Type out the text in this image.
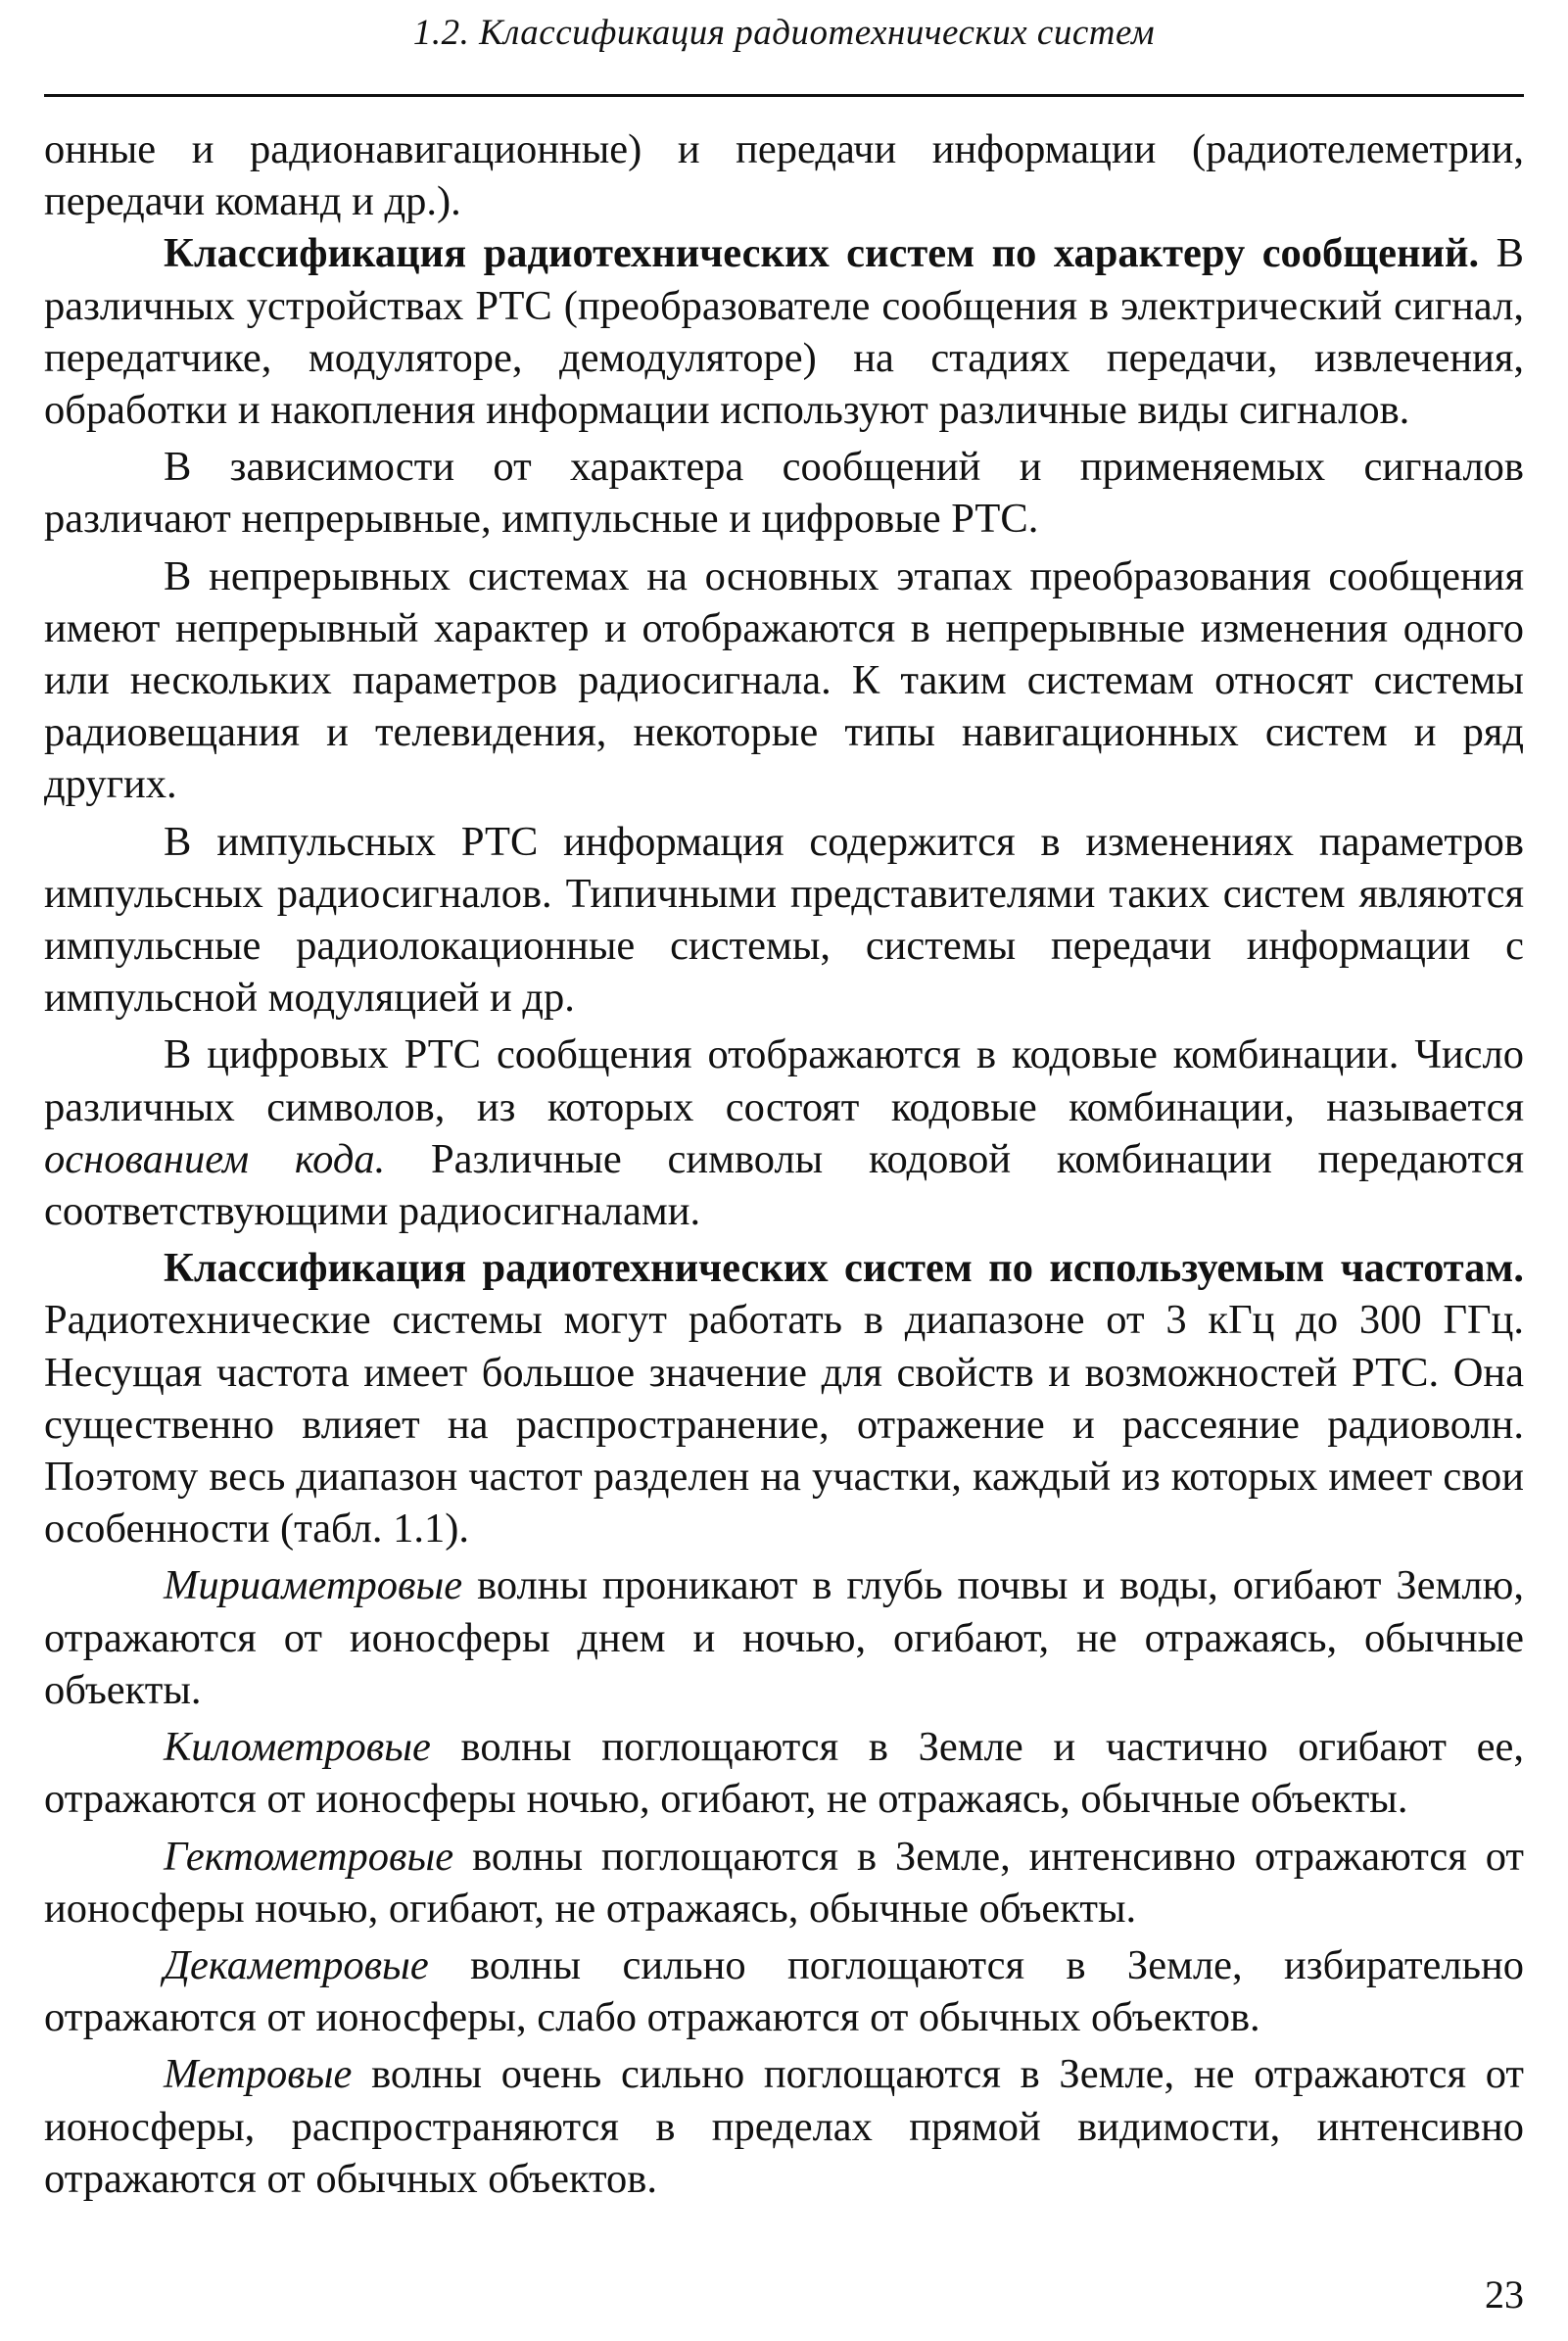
1.2. Классификация радиотехнических систем

онные и радионавигационные) и передачи информации (радиотелеметрии, передачи команд и др.).

Классификация радиотехнических систем по характеру сообщений. В различных устройствах РТС (преобразователе сообщения в электрический сигнал, передатчике, модуляторе, демодуляторе) на стадиях передачи, извлечения, обработки и накопления информации используют различные виды сигналов.

В зависимости от характера сообщений и применяемых сигналов различают непрерывные, импульсные и цифровые РТС.

В непрерывных системах на основных этапах преобразования сообщения имеют непрерывный характер и отображаются в непрерывные изменения одного или нескольких параметров радиосигнала. К таким системам относят системы радиовещания и телевидения, некоторые типы навигационных систем и ряд других.

В импульсных РТС информация содержится в изменениях параметров импульсных радиосигналов. Типичными представителями таких систем являются импульсные радиолокационные системы, системы передачи информации с импульсной модуляцией и др.

В цифровых РТС сообщения отображаются в кодовые комбинации. Число различных символов, из которых состоят кодовые комбинации, называется основанием кода. Различные символы кодовой комбинации передаются соответствующими радиосигналами.

Классификация радиотехнических систем по используемым частотам. Радиотехнические системы могут работать в диапазоне от 3 кГц до 300 ГГц. Несущая частота имеет большое значение для свойств и возможностей РТС. Она существенно влияет на распространение, отражение и рассеяние радиоволн. Поэтому весь диапазон частот разделен на участки, каждый из которых имеет свои особенности (табл. 1.1).

Мириаметровые волны проникают в глубь почвы и воды, огибают Землю, отражаются от ионосферы днем и ночью, огибают, не отражаясь, обычные объекты.

Километровые волны поглощаются в Земле и частично огибают ее, отражаются от ионосферы ночью, огибают, не отражаясь, обычные объекты.

Гектометровые волны поглощаются в Земле, интенсивно отражаются от ионосферы ночью, огибают, не отражаясь, обычные объекты.

Декаметровые волны сильно поглощаются в Земле, избирательно отражаются от ионосферы, слабо отражаются от обычных объектов.

Метровые волны очень сильно поглощаются в Земле, не отражаются от ионосферы, распространяются в пределах прямой видимости, интенсивно отражаются от обычных объектов.

23
